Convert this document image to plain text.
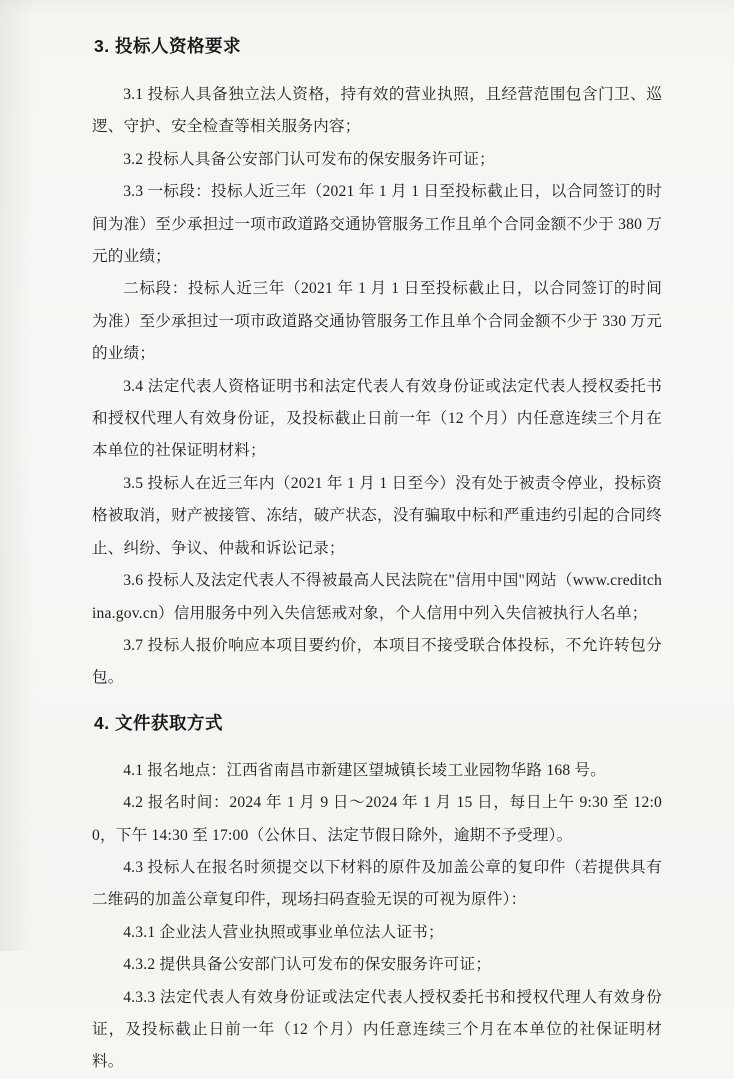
3. 投标人资格要求

3.1 投标人具备独立法人资格，持有效的营业执照，且经营范围包含门卫、巡逻、守护、安全检查等相关服务内容；

3.2 投标人具备公安部门认可发布的保安服务许可证；

3.3 一标段：投标人近三年（2021 年 1 月 1 日至投标截止日，以合同签订的时间为准）至少承担过一项市政道路交通协管服务工作且单个合同金额不少于 380 万元的业绩；

二标段：投标人近三年（2021 年 1 月 1 日至投标截止日，以合同签订的时间为准）至少承担过一项市政道路交通协管服务工作且单个合同金额不少于 330 万元的业绩；

3.4 法定代表人资格证明书和法定代表人有效身份证或法定代表人授权委托书和授权代理人有效身份证，及投标截止日前一年（12 个月）内任意连续三个月在本单位的社保证明材料；

3.5 投标人在近三年内（2021 年 1 月 1 日至今）没有处于被责令停业，投标资格被取消，财产被接管、冻结，破产状态，没有骗取中标和严重违约引起的合同终止、纠纷、争议、仲裁和诉讼记录；

3.6 投标人及法定代表人不得被最高人民法院在"信用中国"网站（www.creditchina.gov.cn）信用服务中列入失信惩戒对象，个人信用中列入失信被执行人名单；

3.7 投标人报价响应本项目要约价，本项目不接受联合体投标，不允许转包分包。

4. 文件获取方式

4.1 报名地点：江西省南昌市新建区望城镇长堎工业园物华路 168 号。

4.2 报名时间：2024 年 1 月 9 日～2024 年 1 月 15 日，每日上午 9:30 至 12:00，下午 14:30 至 17:00（公休日、法定节假日除外，逾期不予受理）。

4.3 投标人在报名时须提交以下材料的原件及加盖公章的复印件（若提供具有二维码的加盖公章复印件，现场扫码查验无误的可视为原件）：

4.3.1 企业法人营业执照或事业单位法人证书；

4.3.2 提供具备公安部门认可发布的保安服务许可证；

4.3.3 法定代表人有效身份证或法定代表人授权委托书和授权代理人有效身份证，及投标截止日前一年（12 个月）内任意连续三个月在本单位的社保证明材料。
